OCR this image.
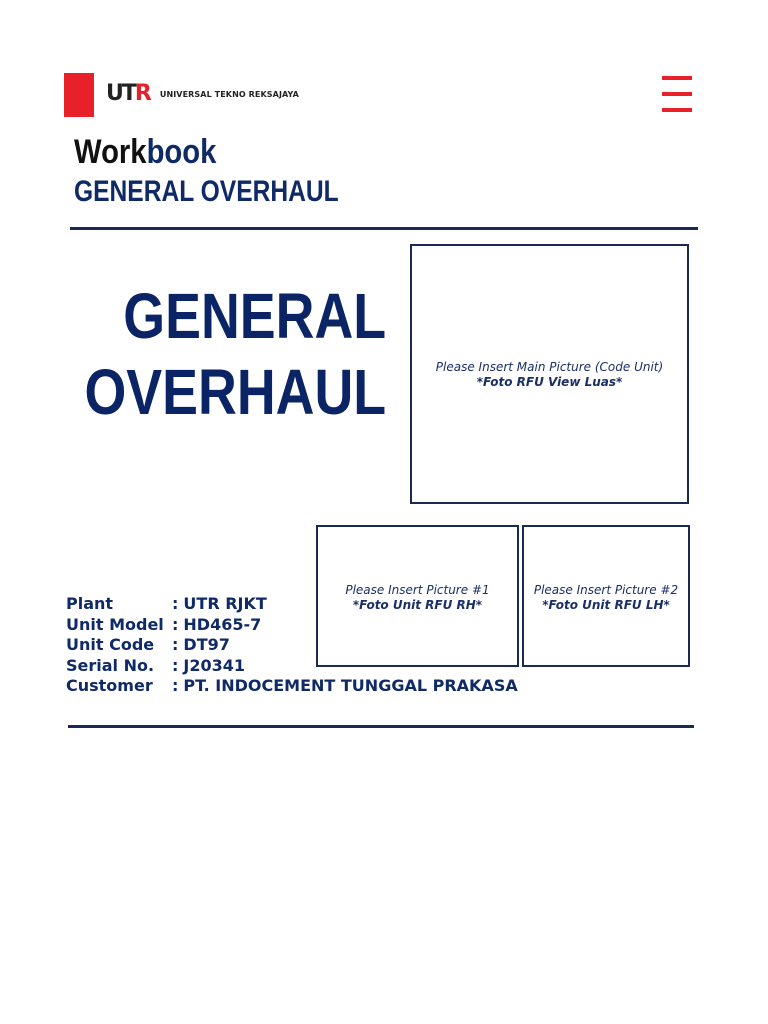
UTR UNIVERSAL TEKNO REKSAJAYA
Workbook
GENERAL OVERHAUL
GENERAL
OVERHAUL	Please Insert Main Picture (Code Unit)
*Foto RFU View Luas*
Please Insert Picture #1
*Foto Unit RFU RH*
Please Insert Picture #2
*Foto Unit RFU LH*
Plant	: UTR RJKT
Unit Model : HD465-7
Unit Code	: DT97
Serial No.	: J20341
Customer	: PT. INDOCEMENT TUNGGAL PRAKASA
